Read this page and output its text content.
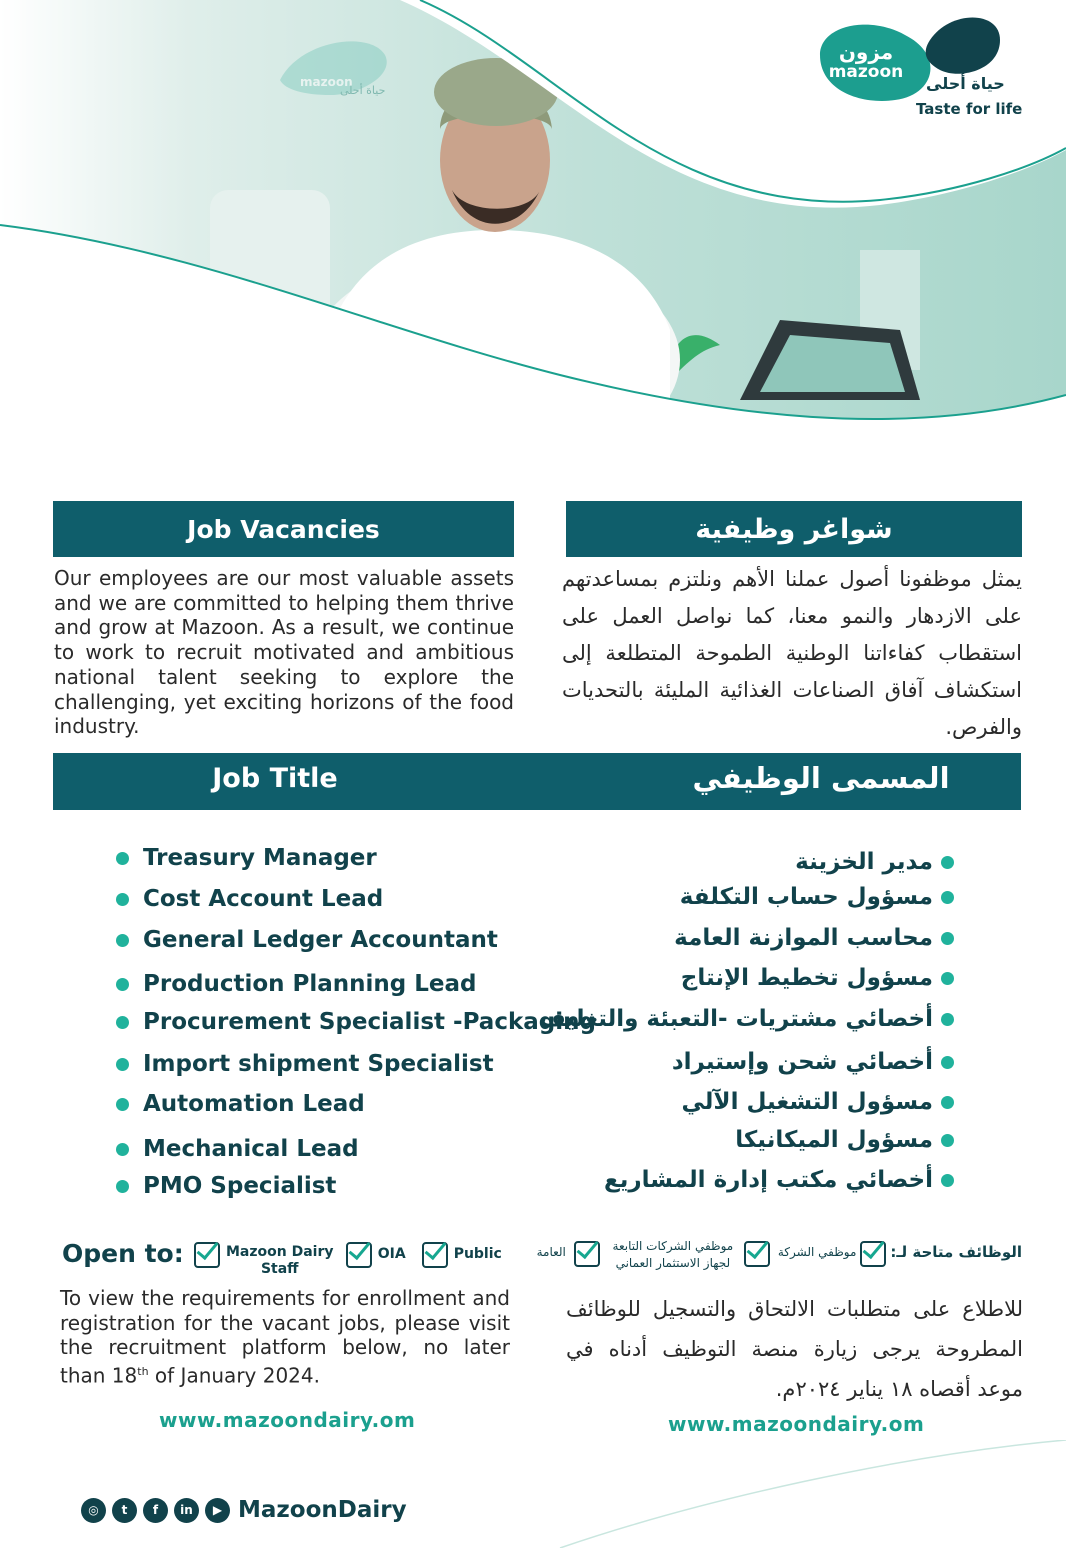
mazoon
حياة أحلى
مزون
mazoon
حياة أحلى
Taste for life
Job Vacancies	شواغر وظيفية
Our employees are our most valuable assets and we are committed to helping them thrive and grow at Mazoon. As a result, we continue to work to recruit motivated and ambitious national talent seeking to explore the challenging, yet exciting horizons of the food industry.
يمثل موظفونا أصول عملنا الأهم ونلتزم بمساعدتهم على الازدهار والنمو معنا، كما نواصل العمل على استقطاب كفاءاتنا الوطنية الطموحة المتطلعة إلى استكشاف آفاق الصناعات الغذائية المليئة بالتحديات والفرص.
Job Title	المسمى الوظيفي
Treasury Manager
Cost Account Lead
General Ledger Accountant
Production Planning Lead
Procurement Specialist -Packaging
Import shipment Specialist
Automation Lead
Mechanical Lead
PMO Specialist
مدير الخزينة
مسؤول حساب التكلفة
محاسب الموازنة العامة
مسؤول تخطيط الإنتاج
أخصائي مشتريات -التعبئة والتغليف
أخصائي شحن وإستيراد
مسؤول التشغيل الآلي
مسؤول الميكانيكا
أخصائي مكتب إدارة المشاريع
Open to:	Mazoon Dairy Staff
OIA	Public	الوظائف متاحة لـ:
موظفي الشركة
موظفي الشركات التابعة لجهاز الاستثمار العماني
العامة
To view the requirements for enrollment and registration for the vacant jobs, please visit the recruitment platform below, no later than 18th of January 2024.
للاطلاع على متطلبات الالتحاق والتسجيل للوظائف المطروحة يرجى زيارة منصة التوظيف أدناه في موعد أقصاه ١٨ يناير ٢٠٢٤م.
www.mazoondairy.om	www.mazoondairy.om
◎	t	f	in	▶ MazoonDairy
